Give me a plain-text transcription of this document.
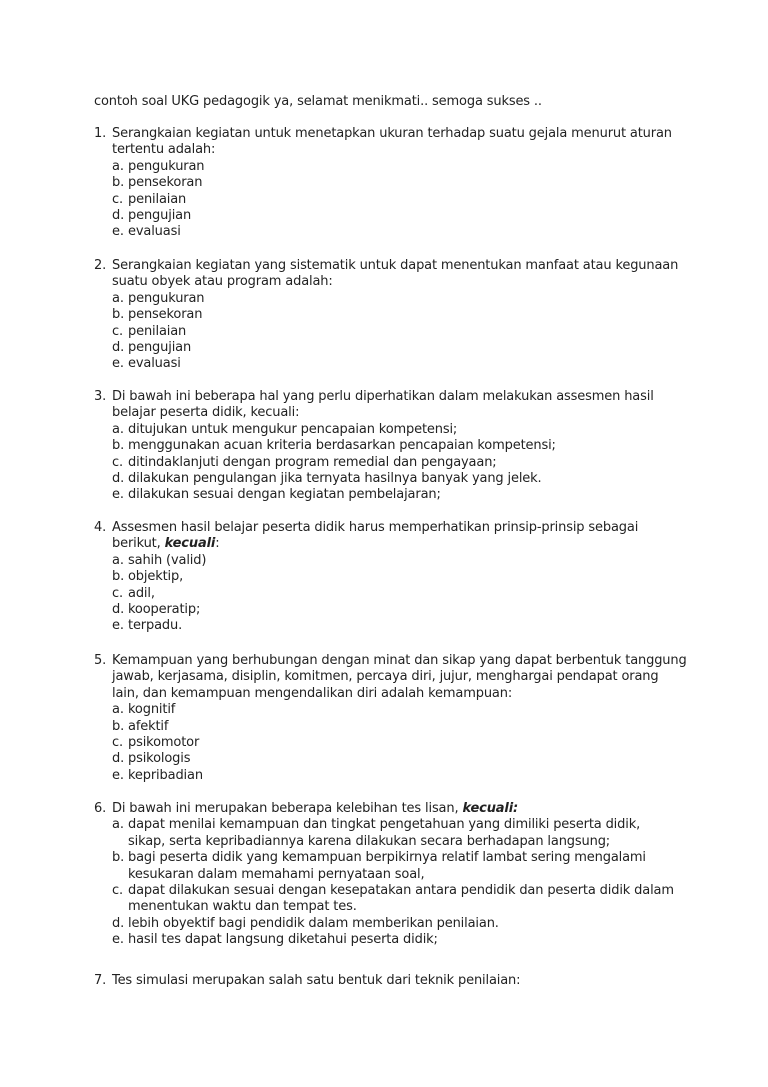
contoh soal UKG pedagogik ya, selamat menikmati.. semoga sukses ..
1. Serangkaian kegiatan untuk menetapkan ukuran terhadap suatu gejala menurut aturan
tertentu adalah:
a. pengukuran
b. pensekoran
c. penilaian
d. pengujian
e. evaluasi
2. Serangkaian kegiatan yang sistematik untuk dapat menentukan manfaat atau kegunaan
suatu obyek atau program adalah:
a. pengukuran
b. pensekoran
c. penilaian
d. pengujian
e. evaluasi
3. Di bawah ini beberapa hal yang perlu diperhatikan dalam melakukan assesmen hasil
belajar peserta didik, kecuali:
a. ditujukan untuk mengukur pencapaian kompetensi;
b. menggunakan acuan kriteria berdasarkan pencapaian kompetensi;
c. ditindaklanjuti dengan program remedial dan pengayaan;
d. dilakukan pengulangan jika ternyata hasilnya banyak yang jelek.
e. dilakukan sesuai dengan kegiatan pembelajaran;
4. Assesmen hasil belajar peserta didik harus memperhatikan prinsip-prinsip sebagai
berikut, kecuali:
a. sahih (valid)
b. objektip,
c. adil,
d. kooperatip;
e. terpadu.
5. Kemampuan yang berhubungan dengan minat dan sikap yang dapat berbentuk tanggung
jawab, kerjasama, disiplin, komitmen, percaya diri, jujur, menghargai pendapat orang
lain, dan kemampuan mengendalikan diri adalah kemampuan:
a. kognitif
b. afektif
c. psikomotor
d. psikologis
e. kepribadian
6. Di bawah ini merupakan beberapa kelebihan tes lisan, kecuali:
a. dapat menilai kemampuan dan tingkat pengetahuan yang dimiliki peserta didik,
sikap, serta kepribadiannya karena dilakukan secara berhadapan langsung;
b. bagi peserta didik yang kemampuan berpikirnya relatif lambat sering mengalami
kesukaran dalam memahami pernyataan soal,
c. dapat dilakukan sesuai dengan kesepatakan antara pendidik dan peserta didik dalam
menentukan waktu dan tempat tes.
d. lebih obyektif bagi pendidik dalam memberikan penilaian.
e. hasil tes dapat langsung diketahui peserta didik;
7. Tes simulasi merupakan salah satu bentuk dari teknik penilaian:
